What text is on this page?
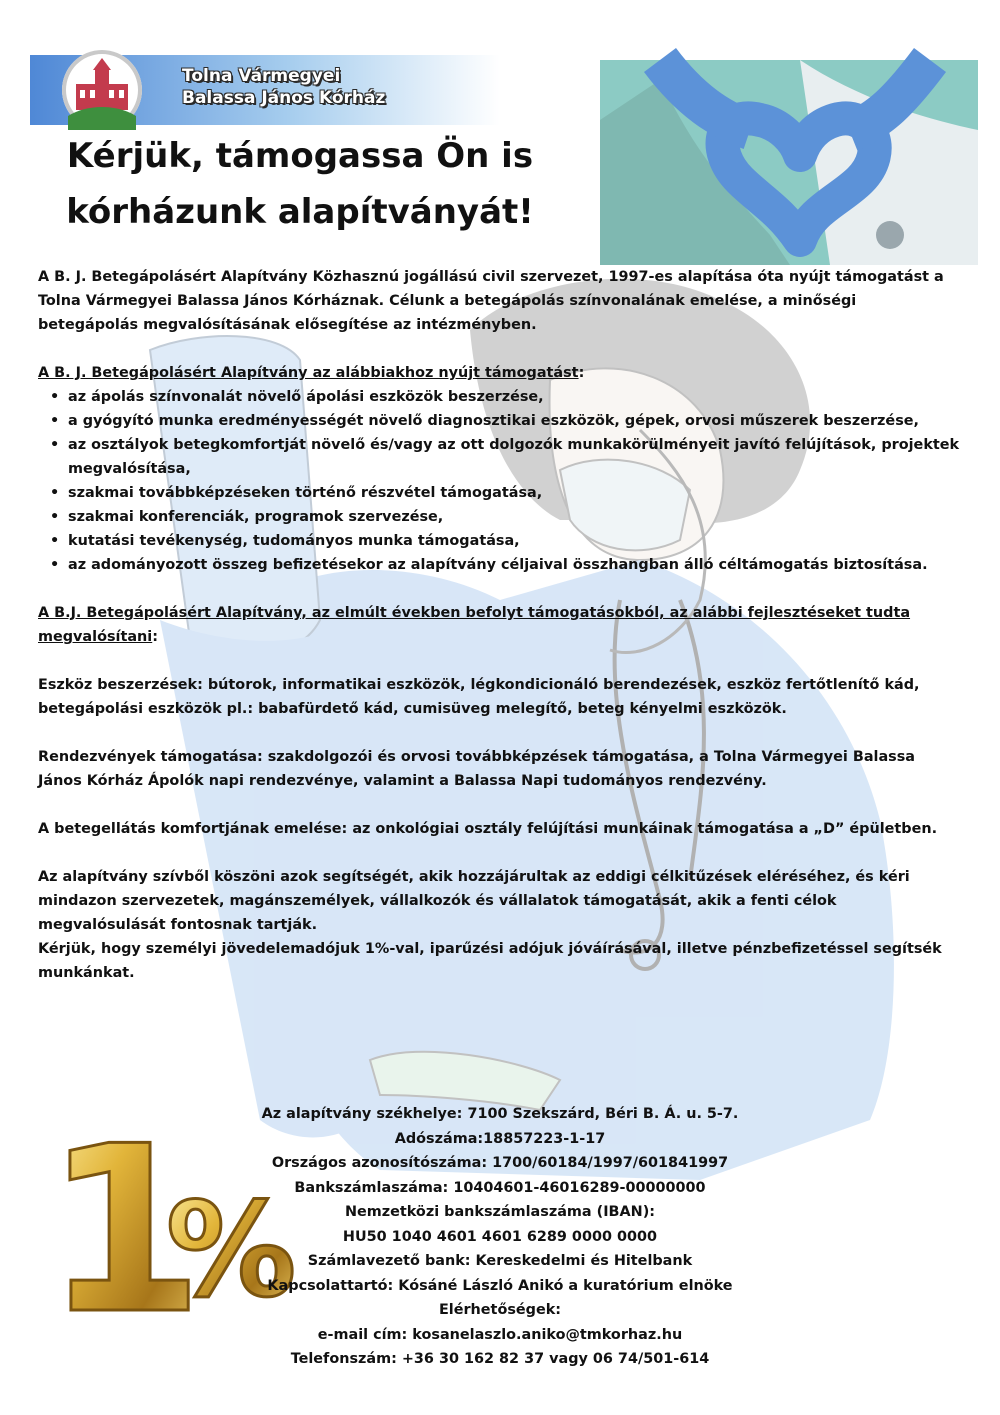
Tolna Vármegyei
Balassa János Kórház
Kérjük, támogassa Ön is
kórházunk alapítványát!

A B. J. Betegápolásért Alapítvány Közhasznú jogállású civil szervezet, 1997-es alapítása óta nyújt támogatást a Tolna Vármegyei Balassa János Kórháznak. Célunk a betegápolás színvonalának emelése, a minőségi betegápolás megvalósításának elősegítése az intézményben.

A B. J. Betegápolásért Alapítvány az alábbiakhoz nyújt támogatást:

• az ápolás színvonalát növelő ápolási eszközök beszerzése,
• a gyógyító munka eredményességét növelő diagnosztikai eszközök, gépek, orvosi műszerek beszerzése,
• az osztályok betegkomfortját növelő és/vagy az ott dolgozók munkakörülményeit javító felújítások, projektek megvalósítása,
• szakmai továbbképzéseken történő részvétel támogatása,
• szakmai konferenciák, programok szervezése,
• kutatási tevékenység, tudományos munka támogatása,
• az adományozott összeg befizetésekor az alapítvány céljaival összhangban álló céltámogatás biztosítása.

A B.J. Betegápolásért Alapítvány, az elmúlt években befolyt támogatásokból, az alábbi fejlesztéseket tudta megvalósítani:

Eszköz beszerzések: bútorok, informatikai eszközök, légkondicionáló berendezések, eszköz fertőtlenítő kád, betegápolási eszközök pl.: babafürdető kád, cumisüveg melegítő, beteg kényelmi eszközök.

Rendezvények támogatása: szakdolgozói és orvosi továbbképzések támogatása, a Tolna Vármegyei Balassa János Kórház Ápolók napi rendezvénye, valamint a Balassa Napi tudományos rendezvény.

A betegellátás komfortjának emelése: az onkológiai osztály felújítási munkáinak támogatása a „D” épületben.

Az alapítvány szívből köszöni azok segítségét, akik hozzájárultak az eddigi célkitűzések eléréséhez, és kéri mindazon szervezetek, magánszemélyek, vállalkozók és vállalatok támogatását, akik a fenti célok megvalósulását fontosnak tartják.

Kérjük, hogy személyi jövedelemadójuk 1%-val, iparűzési adójuk jóváírásával, illetve pénzbefizetéssel segítsék munkánkat.

1
%
Az alapítvány székhelye: 7100 Szekszárd, Béri B. Á. u. 5-7.
Adószáma:18857223-1-17
Országos azonosítószáma: 1700/60184/1997/601841997
Bankszámlaszáma: 10404601-46016289-00000000
Nemzetközi bankszámlaszáma (IBAN):
HU50 1040 4601 4601 6289 0000 0000
Számlavezető bank: Kereskedelmi és Hitelbank
Kapcsolattartó: Kósáné László Anikó a kuratórium elnöke
Elérhetőségek:
e-mail cím: kosanelaszlo.aniko@tmkorhaz.hu
Telefonszám: +36 30 162 82 37 vagy 06 74/501-614
